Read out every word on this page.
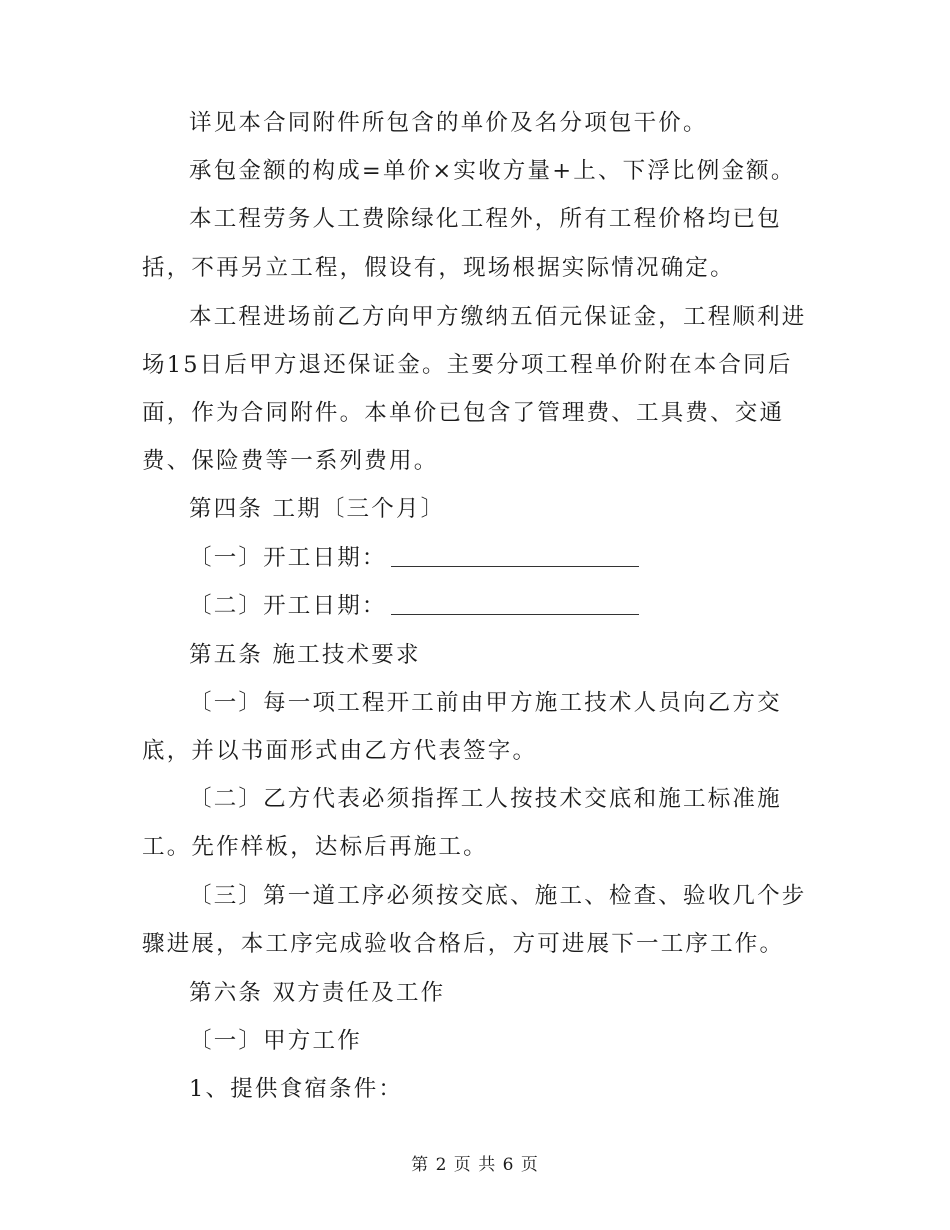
详见本合同附件所包含的单价及名分项包干价。
承包金额的构成=单价×实收方量+上、下浮比例金额。
本工程劳务人工费除绿化工程外，所有工程价格均已包
括，不再另立工程，假设有，现场根据实际情况确定。
本工程进场前乙方向甲方缴纳五佰元保证金，工程顺利进
场15日后甲方退还保证金。主要分项工程单价附在本合同后
面，作为合同附件。本单价已包含了管理费、工具费、交通
费、保险费等一系列费用。
第四条 工期〔三个月〕
〔一〕开工日期：
〔二〕开工日期：
第五条 施工技术要求
〔一〕每一项工程开工前由甲方施工技术人员向乙方交
底，并以书面形式由乙方代表签字。
〔二〕乙方代表必须指挥工人按技术交底和施工标准施
工。先作样板，达标后再施工。
〔三〕第一道工序必须按交底、施工、检查、验收几个步
骤进展，本工序完成验收合格后，方可进展下一工序工作。
第六条 双方责任及工作
〔一〕甲方工作
1、提供食宿条件：
第 2 页 共 6 页
